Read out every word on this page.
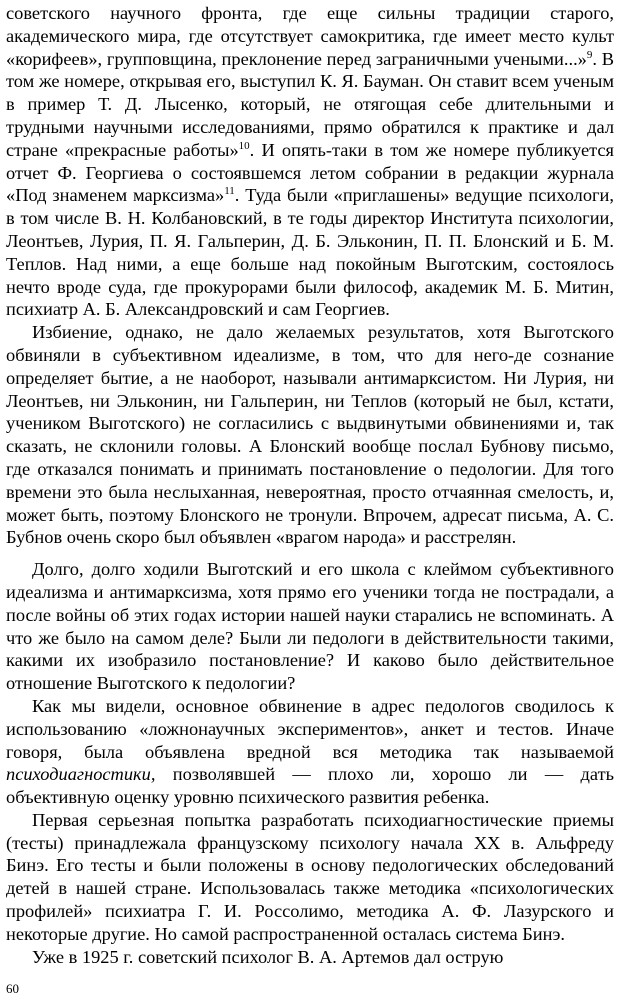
советского научного фронта, где еще сильны традиции старого, академического мира, где отсутствует самокритика, где имеет место культ «корифеев», групповщина, преклонение перед заграничными учеными...»$^9$. В том же номере, открывая его, выступил К. Я. Бауман. Он ставит всем ученым в пример Т. Д. Лысенко, который, не отягощая себе длительными и трудными научными исследованиями, прямо обратился к практике и дал стране «прекрасные работы»$^{10}$. И опять-таки в том же номере публикуется отчет Ф. Георгиева о состоявшемся летом собрании в редакции журнала «Под знаменем марксизма»$^{11}$. Туда были «приглашены» ведущие психологи, в том числе В. Н. Колбановский, в те годы директор Института психологии, Леонтьев, Лурия, П. Я. Гальперин, Д. Б. Эльконин, П. П. Блонский и Б. М. Теплов. Над ними, а еще больше над покойным Выготским, состоялось нечто вроде суда, где прокурорами были философ, академик М. Б. Митин, психиатр А. Б. Александровский и сам Георгиев.

Избиение, однако, не дало желаемых результатов, хотя Выготского обвиняли в субъективном идеализме, в том, что для него-де сознание определяет бытие, а не наоборот, называли антимарксистом. Ни Лурия, ни Леонтьев, ни Эльконин, ни Гальперин, ни Теплов (который не был, кстати, учеником Выготского) не согласились с выдвинутыми обвинениями и, так сказать, не склонили головы. А Блонский вообще послал Бубнову письмо, где отказался понимать и принимать постановление о педологии. Для того времени это была неслыханная, невероятная, просто отчаянная смелость, и, может быть, поэтому Блонского не тронули. Впрочем, адресат письма, А. С. Бубнов очень скоро был объявлен «врагом народа» и расстрелян.

Долго, долго ходили Выготский и его школа с клеймом субъективного идеализма и антимарксизма, хотя прямо его ученики тогда не пострадали, а после войны об этих годах истории нашей науки старались не вспоминать. А что же было на самом деле? Были ли педологи в действительности такими, какими их изобразило постановление? И каково было действительное отношение Выготского к педологии?

Как мы видели, основное обвинение в адрес педологов сводилось к использованию «ложнонаучных экспериментов», анкет и тестов. Иначе говоря, была объявлена вредной вся методика так называемой психодиагностики, позволявшей — плохо ли, хорошо ли — дать объективную оценку уровню психического развития ребенка.

Первая серьезная попытка разработать психодиагностические приемы (тесты) принадлежала французскому психологу начала XX в. Альфреду Бинэ. Его тесты и были положены в основу педологических обследований детей в нашей стране. Использовалась также методика «психологических профилей» психиатра Г. И. Россолимо, методика А. Ф. Лазурского и некоторые другие. Но самой распространенной осталась система Бинэ.

Уже в 1925 г. советский психолог В. А. Артемов дал острую

60
